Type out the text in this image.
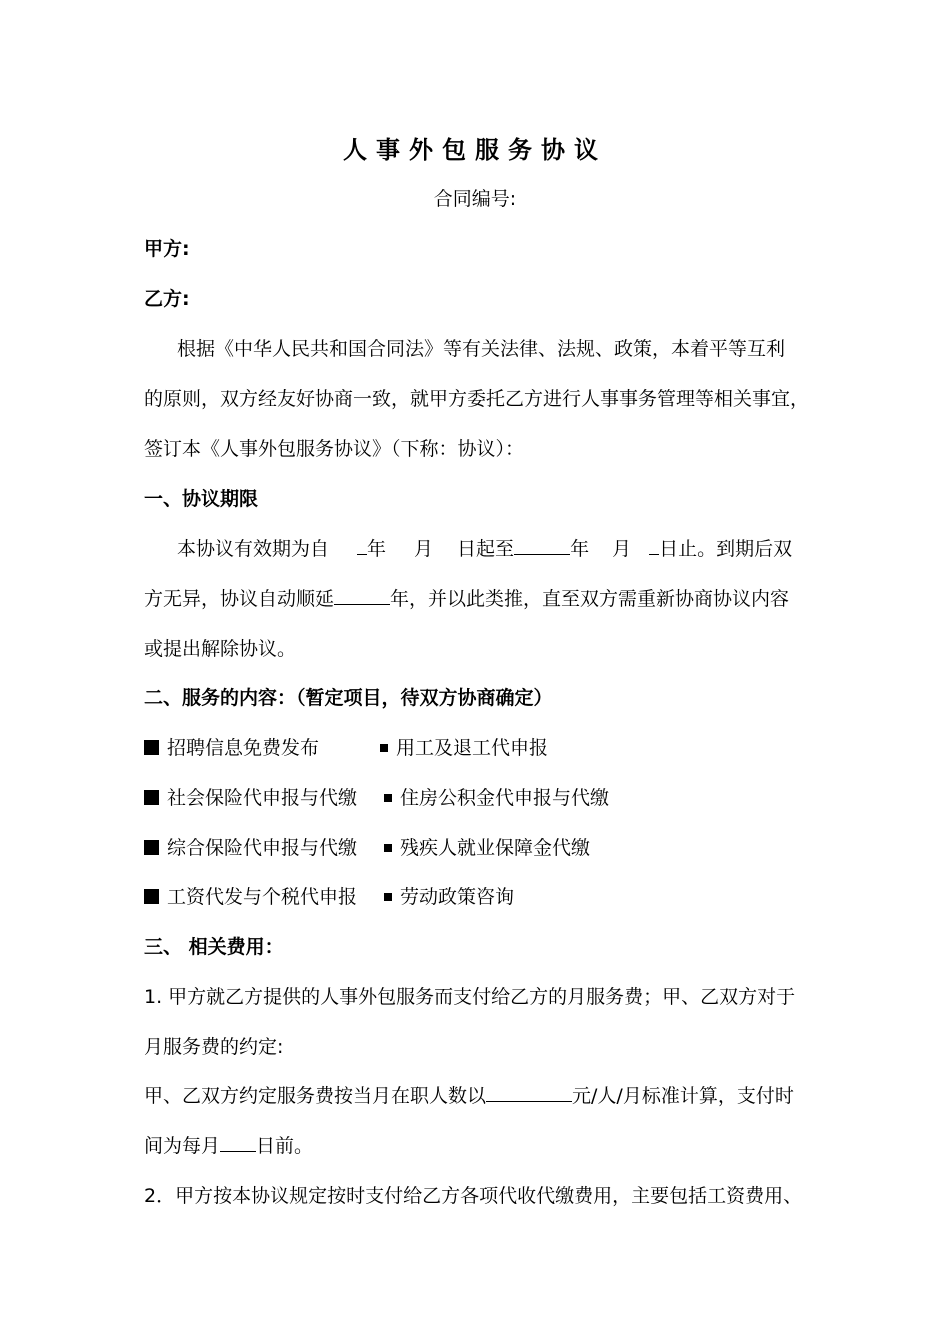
人事外包服务协议
合同编号:
甲方:
乙方:
根据《中华人民共和国合同法》等有关法律、法规、政策，本着平等互利
的原则，双方经友好协商一致，就甲方委托乙方进行人事事务管理等相关事宜，
签订本《人事外包服务协议》（下称：协议）：
一、协议期限
本协议有效期为自 年 月 日起至	年 月 日止。到期后双
方无异，协议自动顺延	年，并以此类推，直至双方需重新协商协议内容
或提出解除协议。
二、服务的内容：（暂定项目，待双方协商确定）
招聘信息免费发布	用工及退工代申报
社会保险代申报与代缴	住房公积金代申报与代缴
综合保险代申报与代缴	残疾人就业保障金代缴
工资代发与个税代申报	劳动政策咨询
三、 相关费用：
1. 甲方就乙方提供的人事外包服务而支付给乙方的月服务费；甲、乙双方对于
月服务费的约定:
甲、乙双方约定服务费按当月在职人数以	元/人/月标准计算，支付时
间为每月 日前。
2．甲方按本协议规定按时支付给乙方各项代收代缴费用，主要包括工资费用、
